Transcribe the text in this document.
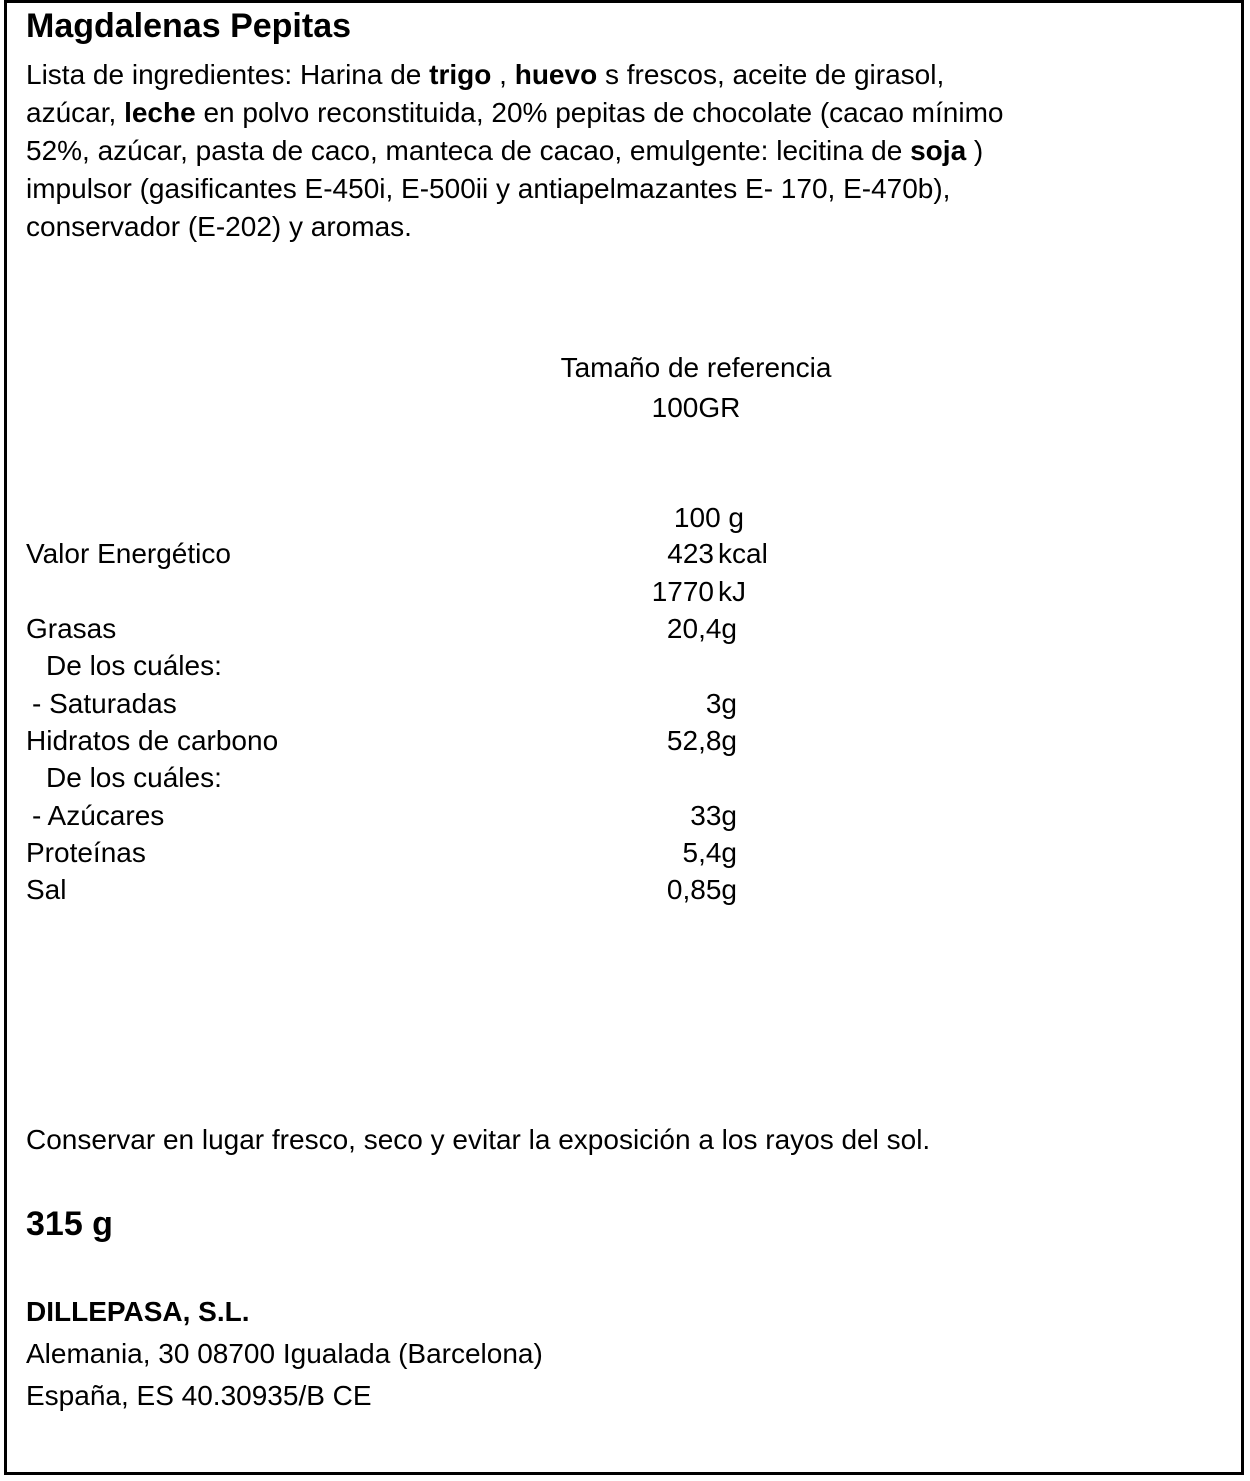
Magdalenas Pepitas
Lista de ingredientes: Harina de trigo , huevo s frescos, aceite de girasol,
azúcar, leche en polvo reconstituida, 20% pepitas de chocolate (cacao mínimo
52%, azúcar, pasta de caco, manteca de cacao, emulgente: lecitina de soja )
impulsor (gasificantes E-450i, E-500ii y antiapelmazantes E- 170, E-470b),
conservador (E-202) y aromas.
Tamaño de referencia
100GR
100 g
Valor Energético	423 kcal
1770 kJ
Grasas	20,4g
De los cuáles:
- Saturadas	3g
Hidratos de carbono	52,8g
De los cuáles:
- Azúcares	33g
Proteínas	5,4g
Sal	0,85g
Conservar en lugar fresco, seco y evitar la exposición a los rayos del sol.
315 g
DILLEPASA, S.L.
Alemania, 30 08700 Igualada (Barcelona)
España, ES 40.30935/B CE
